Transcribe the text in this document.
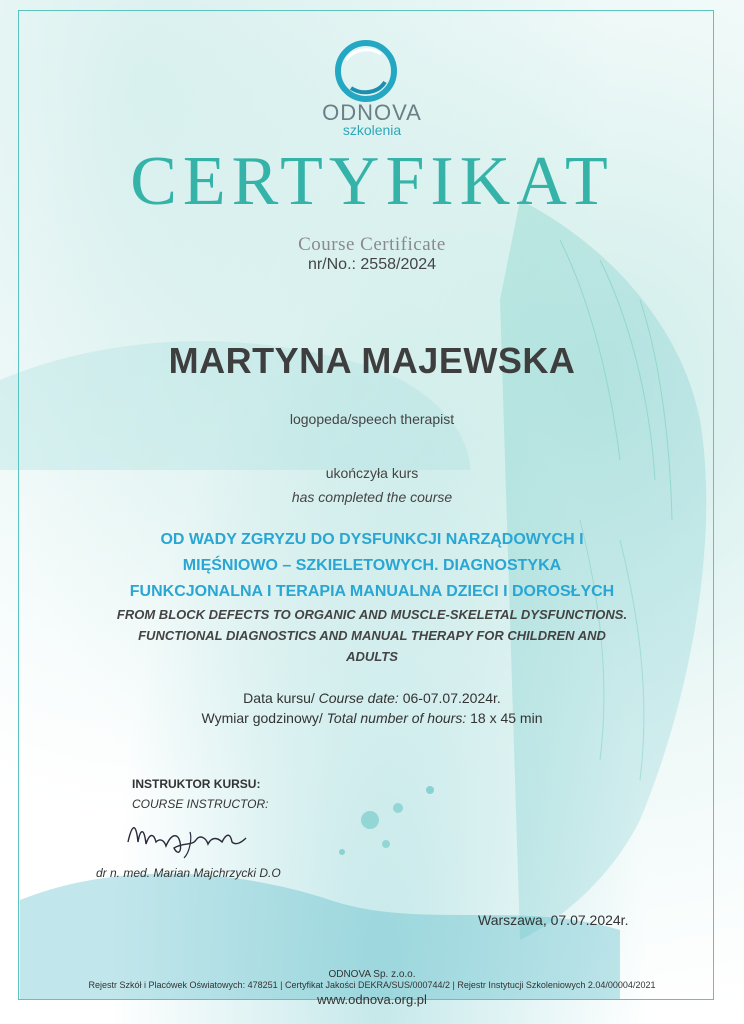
ODNOVA
szkolenia
CERTYFIKAT
Course Certificate
nr/No.: 2558/2024
MARTYNA MAJEWSKA
logopeda/speech therapist
ukończyła kurs
has completed the course
OD WADY ZGRYZU DO DYSFUNKCJI NARZĄDOWYCH I
MIĘŚNIOWO – SZKIELETOWYCH. DIAGNOSTYKA
FUNKCJONALNA I TERAPIA MANUALNA DZIECI I DOROSŁYCH
FROM BLOCK DEFECTS TO ORGANIC AND MUSCLE-SKELETAL DYSFUNCTIONS.
FUNCTIONAL DIAGNOSTICS AND MANUAL THERAPY FOR CHILDREN AND
ADULTS
Data kursu/ Course date: 06-07.07.2024r.
Wymiar godzinowy/ Total number of hours: 18 x 45 min
INSTRUKTOR KURSU:
COURSE INSTRUCTOR:
dr n. med. Marian Majchrzycki D.O
Warszawa, 07.07.2024r.
ODNOVA Sp. z.o.o.
Rejestr Szkół i Placówek Oświatowych: 478251 | Certyfikat Jakości DEKRA/SUS/000744/2 | Rejestr Instytucji Szkoleniowych 2.04/00004/2021
www.odnova.org.pl
